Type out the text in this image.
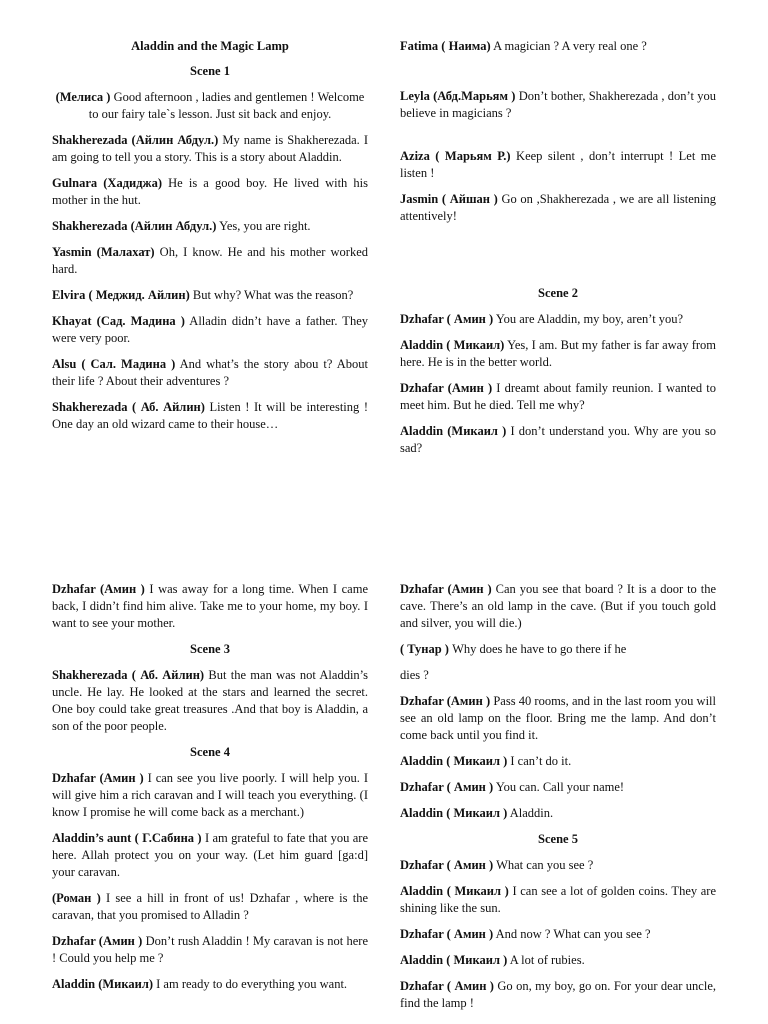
Aladdin and the Magic Lamp

Scene 1

(Мелиса ) Good afternoon , ladies and gentlemen ! Welcome to our fairy tale`s lesson. Just sit back and enjoy.

Shakherezada (Айлин Абдул.) My name is Shakherezada. I am going to tell you a story. This is a story about Aladdin.

Gulnara (Хадиджа) He is a good boy. He lived with his mother in the hut.

Shakherezada (Айлин Абдул.) Yes, you are right.

Yasmin (Малахат) Oh, I know. He and his mother worked hard.

Elvira ( Меджид. Айлин) But why? What was the reason?

Khayat (Сад. Мадина ) Alladin didn’t have a father. They were very poor.

Alsu ( Сал. Мадина ) And what’s the story abou t? About their life ? About their adventures ?

Shakherezada ( Аб. Айлин) Listen ! It will be interesting ! One day an old wizard came to their house…

Fatima ( Наима) A magician ? A very real one ?

Leyla (Абд.Марьям ) Don’t bother, Shakherezada , don’t you believe in magicians ?

Aziza ( Марьям Р.) Keep silent , don’t interrupt ! Let me listen !

Jasmin ( Айшан ) Go on ,Shakherezada , we are all listening attentively!

Scene 2

Dzhafar ( Амин ) You are Aladdin, my boy, aren’t you?

Aladdin ( Микаил) Yes, I am. But my father is far away from here. He is in the better world.

Dzhafar (Амин ) I dreamt about family reunion. I wanted to meet him. But he died. Tell me why?

Aladdin (Микаил ) I don’t understand you. Why are you so sad?

Dzhafar (Амин ) I was away for a long time. When I came back, I didn’t find him alive. Take me to your home, my boy. I want to see your mother.

Scene 3

Shakherezada ( Аб. Айлин) But the man was not Aladdin’s uncle. He lay. He looked at the stars and learned the secret. One boy could take great treasures .And that boy is Aladdin, a son of the poor people.

Scene 4

Dzhafar (Амин ) I can see you live poorly. I will help you. I will give him a rich caravan and I will teach you everything. (I know I promise he will come back as a merchant.)

Aladdin’s aunt ( Г.Сабина ) I am grateful to fate that you are here. Allah protect you on your way. (Let him guard [ga:d] your caravan.

(Роман ) I see a hill in front of us! Dzhafar , where is the caravan, that you promised to Alladin ?

Dzhafar (Амин ) Don’t rush Aladdin ! My caravan is not here ! Could you help me ?

Aladdin (Микаил) I am ready to do everything you want.

Dzhafar (Амин ) Can you see that board ? It is a door to the cave. There’s an old lamp in the cave. (But if you touch gold and silver, you will die.)

( Тунар ) Why does he have to go there if he

dies ?

Dzhafar (Амин ) Pass 40 rooms, and in the last room you will see an old lamp on the floor. Bring me the lamp. And don’t come back until you find it.

Aladdin ( Микаил ) I can’t do it.

Dzhafar ( Амин ) You can. Call your name!

Aladdin ( Микаил ) Aladdin.

Scene 5

Dzhafar ( Амин ) What can you see ?

Aladdin ( Микаил ) I can see a lot of golden coins. They are shining like the sun.

Dzhafar ( Амин ) And now ? What can you see ?

Aladdin ( Микаил ) A lot of rubies.

Dzhafar ( Амин ) Go on, my boy, go on. For your dear uncle, find the lamp !
